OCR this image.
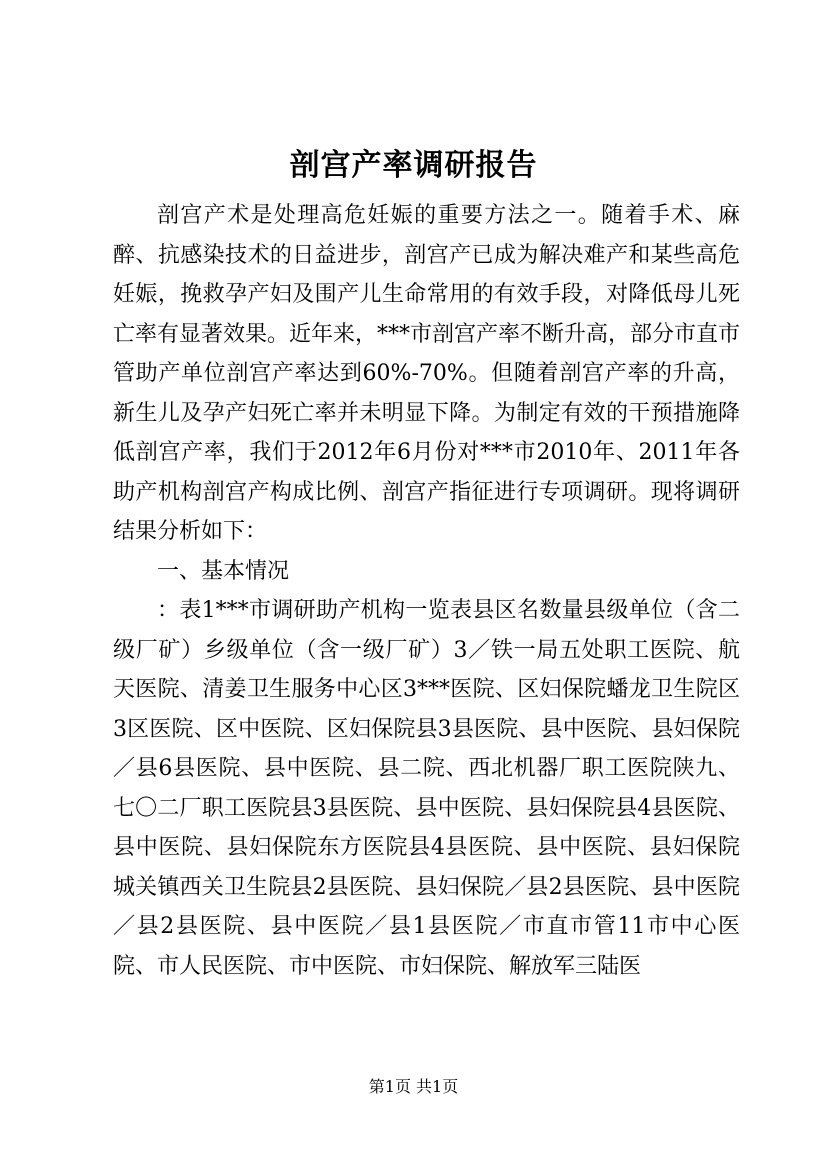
剖宫产率调研报告

剖宫产术是处理高危妊娠的重要方法之一。随着手术、麻醉、抗感染技术的日益进步，剖宫产已成为解决难产和某些高危妊娠，挽救孕产妇及围产儿生命常用的有效手段，对降低母儿死亡率有显著效果。近年来，***市剖宫产率不断升高，部分市直市管助产单位剖宫产率达到60%-70%。但随着剖宫产率的升高，新生儿及孕产妇死亡率并未明显下降。为制定有效的干预措施降低剖宫产率，我们于2012年6月份对***市2010年、2011年各助产机构剖宫产构成比例、剖宫产指征进行专项调研。现将调研结果分析如下：

一、基本情况

：表1***市调研助产机构一览表县区名数量县级单位（含二级厂矿）乡级单位（含一级厂矿）3／铁一局五处职工医院、航天医院、清姜卫生服务中心区3***医院、区妇保院蟠龙卫生院区3区医院、区中医院、区妇保院县3县医院、县中医院、县妇保院／县6县医院、县中医院、县二院、西北机器厂职工医院陕九、七〇二厂职工医院县3县医院、县中医院、县妇保院县4县医院、县中医院、县妇保院东方医院县4县医院、县中医院、县妇保院城关镇西关卫生院县2县医院、县妇保院／县2县医院、县中医院／县2县医院、县中医院／县1县医院／市直市管11市中心医院、市人民医院、市中医院、市妇保院、解放军三陆医

第1页 共1页
